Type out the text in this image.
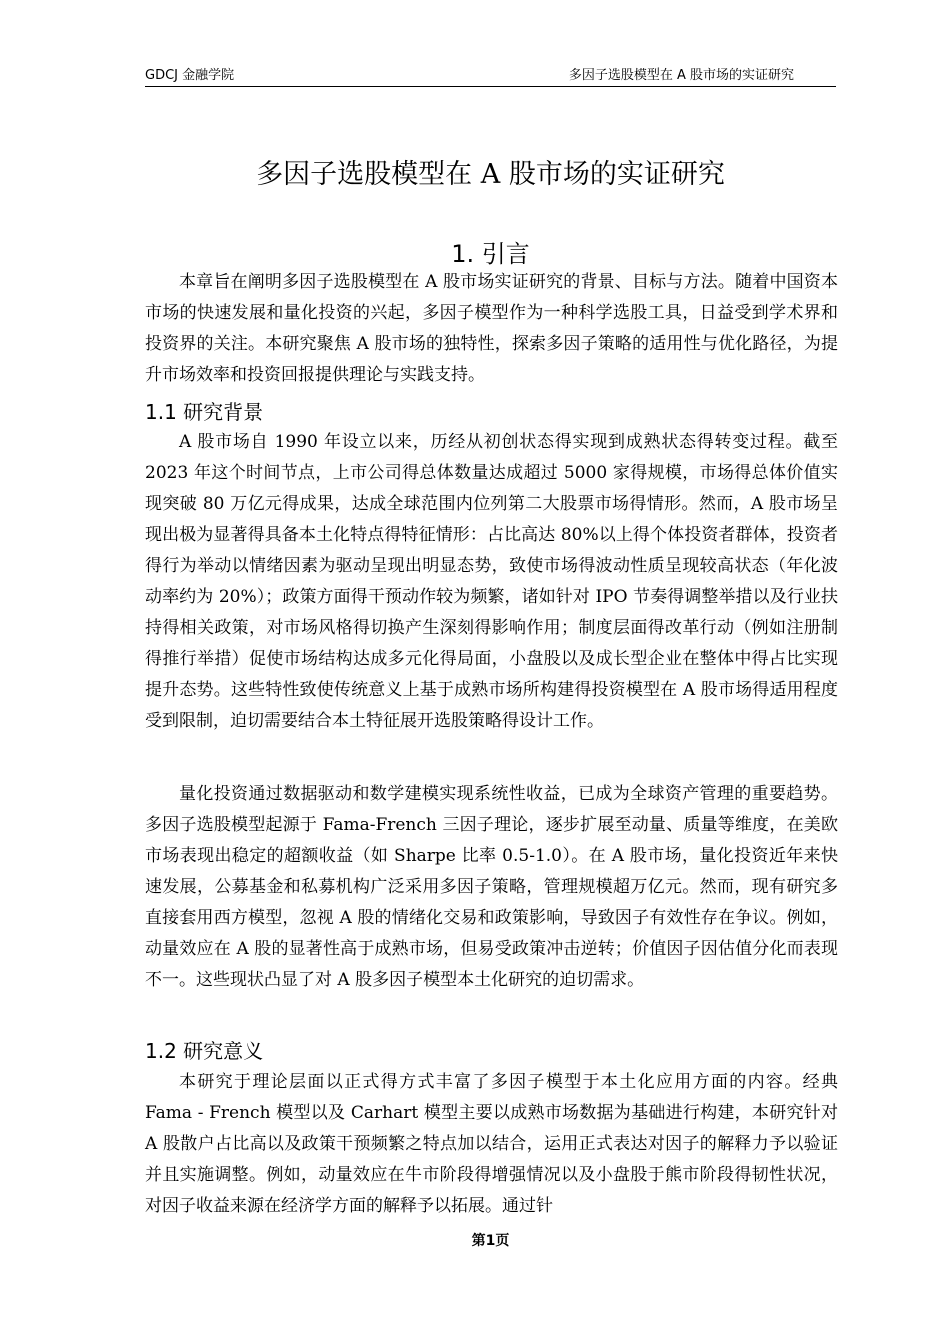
GDCJ 金融学院	多因子选股模型在 A 股市场的实证研究
多因子选股模型在 A 股市场的实证研究
1. 引言

本章旨在阐明多因子选股模型在 A 股市场实证研究的背景、目标与方法。随着中国资本市场的快速发展和量化投资的兴起，多因子模型作为一种科学选股工具，日益受到学术界和投资界的关注。本研究聚焦 A 股市场的独特性，探索多因子策略的适用性与优化路径，为提升市场效率和投资回报提供理论与实践支持。

1.1 研究背景

A 股市场自 1990 年设立以来，历经从初创状态得实现到成熟状态得转变过程。截至 2023 年这个时间节点，上市公司得总体数量达成超过 5000 家得规模，市场得总体价值实现突破 80 万亿元得成果，达成全球范围内位列第二大股票市场得情形。然而，A 股市场呈现出极为显著得具备本土化特点得特征情形：占比高达 80%以上得个体投资者群体，投资者得行为举动以情绪因素为驱动呈现出明显态势，致使市场得波动性质呈现较高状态（年化波动率约为 20%）；政策方面得干预动作较为频繁，诸如针对 IPO 节奏得调整举措以及行业扶持得相关政策，对市场风格得切换产生深刻得影响作用；制度层面得改革行动（例如注册制得推行举措）促使市场结构达成多元化得局面，小盘股以及成长型企业在整体中得占比实现提升态势。这些特性致使传统意义上基于成熟市场所构建得投资模型在 A 股市场得适用程度受到限制，迫切需要结合本土特征展开选股策略得设计工作。

量化投资通过数据驱动和数学建模实现系统性收益，已成为全球资产管理的重要趋势。多因子选股模型起源于 Fama-French 三因子理论，逐步扩展至动量、质量等维度，在美欧市场表现出稳定的超额收益（如 Sharpe 比率 0.5-1.0）。在 A 股市场，量化投资近年来快速发展，公募基金和私募机构广泛采用多因子策略，管理规模超万亿元。然而，现有研究多直接套用西方模型，忽视 A 股的情绪化交易和政策影响，导致因子有效性存在争议。例如，动量效应在 A 股的显著性高于成熟市场，但易受政策冲击逆转；价值因子因估值分化而表现不一。这些现状凸显了对 A 股多因子模型本土化研究的迫切需求。

1.2 研究意义

本研究于理论层面以正式得方式丰富了多因子模型于本土化应用方面的内容。经典 Fama - French 模型以及 Carhart 模型主要以成熟市场数据为基础进行构建，本研究针对 A 股散户占比高以及政策干预频繁之特点加以结合，运用正式表达对因子的解释力予以验证并且实施调整。例如，动量效应在牛市阶段得增强情况以及小盘股于熊市阶段得韧性状况，对因子收益来源在经济学方面的解释予以拓展。通过针

第1页
